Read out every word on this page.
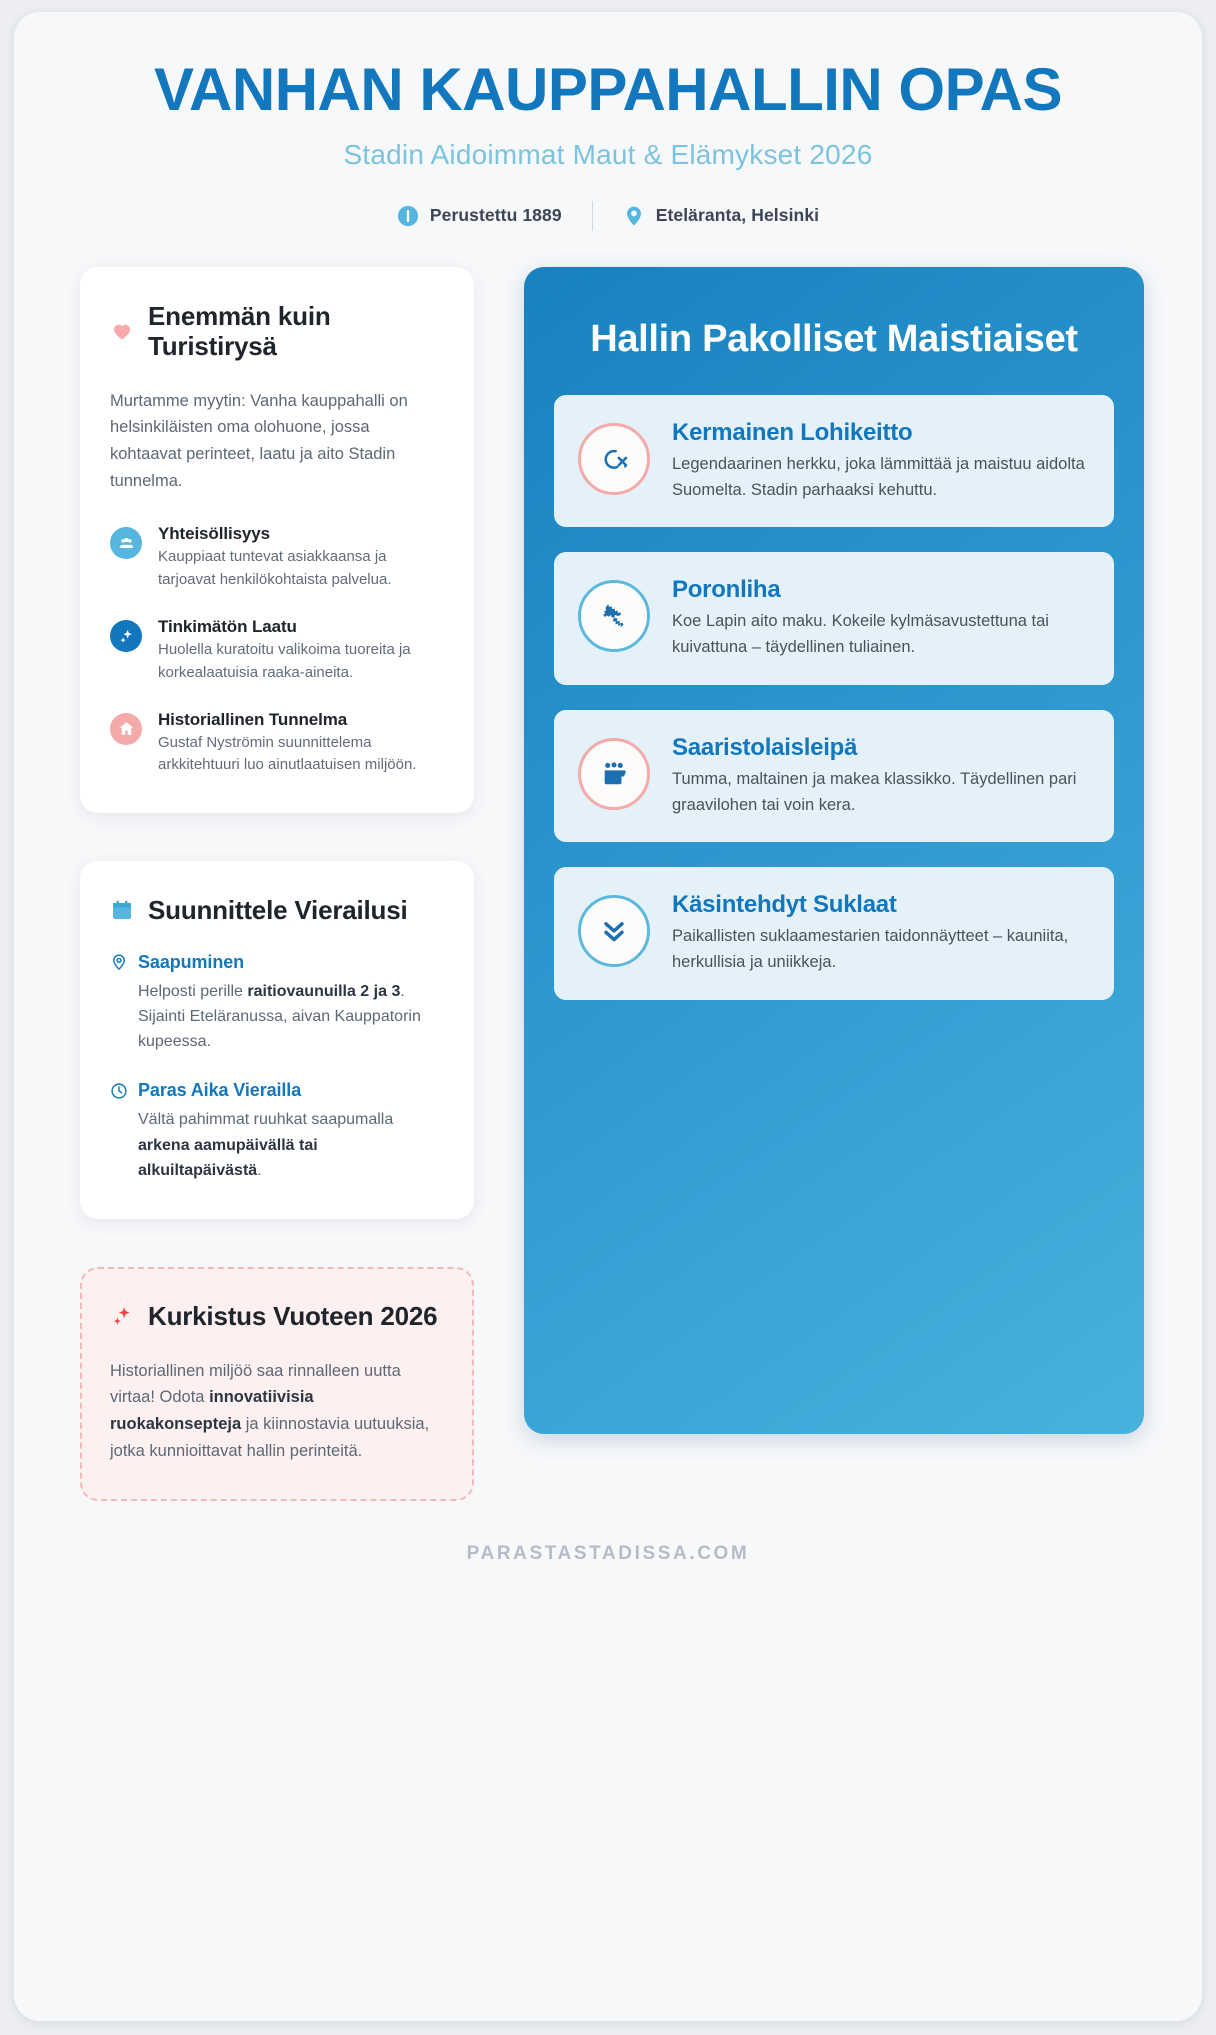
VANHAN KAUPPAHALLIN OPAS
Stadin Aidoimmat Maut & Elämykset 2026
Perustettu 1889	Eteläranta, Helsinki
Enemmän kuin Turistirysä
Murtamme myytin: Vanha kauppahalli on helsinkiläisten oma olohuone, jossa kohtaavat perinteet, laatu ja aito Stadin tunnelma.
Yhteisöllisyys
Kauppiaat tuntevat asiakkaansa ja tarjoavat henkilökohtaista palvelua.
Tinkimätön Laatu
Huolella kuratoitu valikoima tuoreita ja korkealaatuisia raaka-aineita.
Historiallinen Tunnelma
Gustaf Nyströmin suunnittelema arkkitehtuuri luo ainutlaatuisen miljöön.
Suunnittele Vierailusi
Saapuminen
Helposti perille raitiovaunuilla 2 ja 3. Sijainti Eteläranussa, aivan Kauppatorin kupeessa.
Paras Aika Vierailla
Vältä pahimmat ruuhkat saapumalla arkena aamupäivällä tai alkuiltapäivästä.
Kurkistus Vuoteen 2026
Historiallinen miljöö saa rinnalleen uutta virtaa! Odota innovatiivisia ruokakonsepteja ja kiinnostavia uutuuksia, jotka kunnioittavat hallin perinteitä.
Hallin Pakolliset Maistiaiset
Kermainen Lohikeitto
Legendaarinen herkku, joka lämmittää ja maistuu aidolta Suomelta. Stadin parhaaksi kehuttu.
Poronliha
Koe Lapin aito maku. Kokeile kylmäsavustettuna tai kuivattuna – täydellinen tuliainen.
Saaristolaisleipä
Tumma, maltainen ja makea klassikko. Täydellinen pari graavilohen tai voin kera.
Käsintehdyt Suklaat
Paikallisten suklaamestarien taidonnäytteet – kauniita, herkullisia ja uniikkeja.
PARASTASTADISSA.COM
